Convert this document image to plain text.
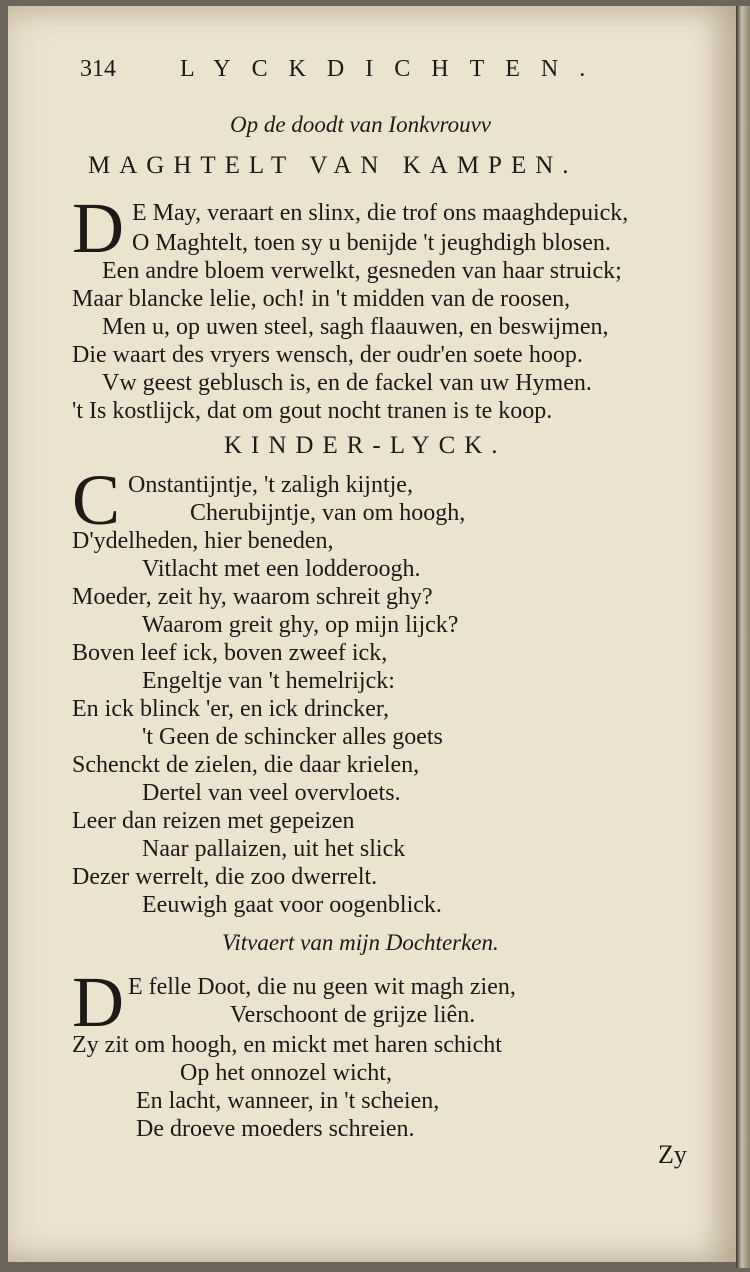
314	LYCKDICHTEN.
Op de doodt van Ionkvrouvv
MAGHTELT VAN KAMPEN.
D E May, veraart en slinx, die trof ons maaghdepuick,
O Maghtelt, toen sy u benijde 't jeughdigh blosen.
Een andre bloem verwelkt, gesneden van haar struick;
Maar blancke lelie, och! in 't midden van de roosen,
Men u, op uwen steel, sagh flaauwen, en beswijmen,
Die waart des vryers wensch, der oudr'en soete hoop.
Vw geest geblusch is, en de fackel van uw Hymen.
't Is kostlijck, dat om gout nocht tranen is te koop.
KINDER-LYCK.
C Onstantijntje, 't zaligh kijntje,
Cherubijntje, van om hoogh,
D'ydelheden, hier beneden,
Vitlacht met een lodderoogh.
Moeder, zeit hy, waarom schreit ghy?
Waarom greit ghy, op mijn lijck?
Boven leef ick, boven zweef ick,
Engeltje van 't hemelrijck:
En ick blinck 'er, en ick drincker,
't Geen de schincker alles goets
Schenckt de zielen, die daar krielen,
Dertel van veel overvloets.
Leer dan reizen met gepeizen
Naar pallaizen, uit het slick
Dezer werrelt, die zoo dwerrelt.
Eeuwigh gaat voor oogenblick.
Vitvaert van mijn Dochterken.
D E felle Doot, die nu geen wit magh zien,
Verschoont de grijze liên.
Zy zit om hoogh, en mickt met haren schicht
Op het onnozel wicht,
En lacht, wanneer, in 't scheien,
De droeve moeders schreien.
Zy
